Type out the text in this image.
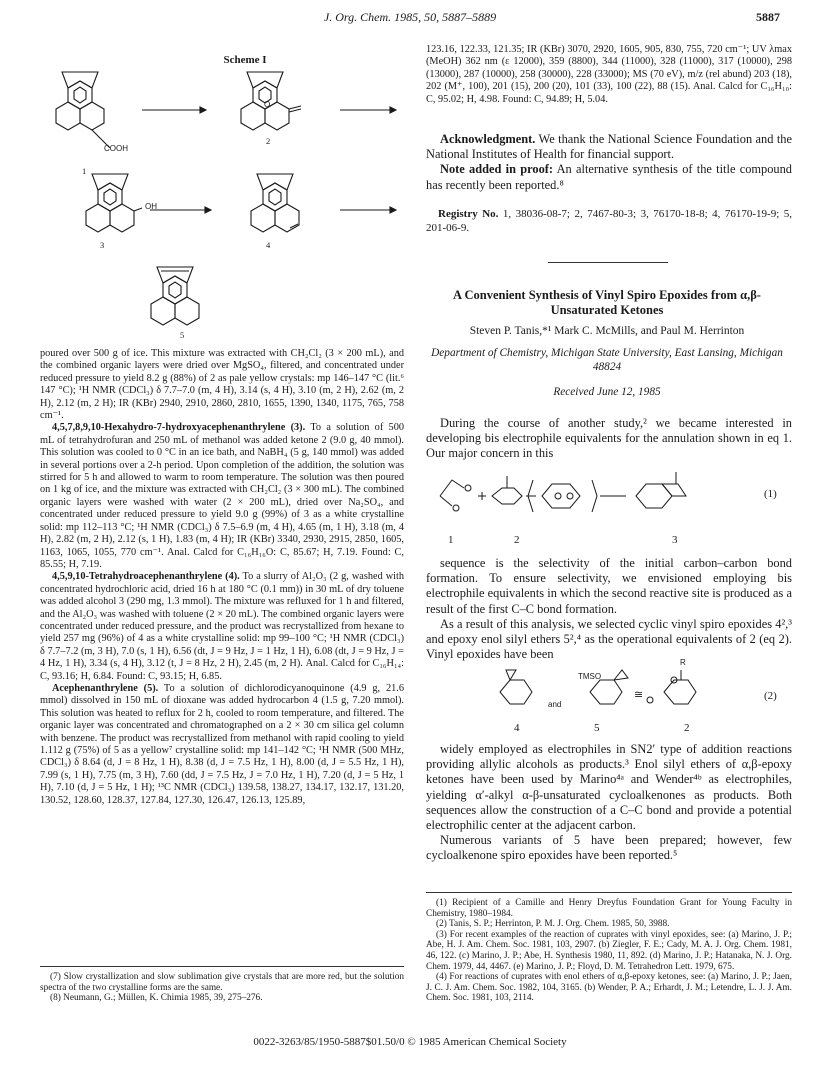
J. Org. Chem. 1985, 50, 5887–5889	5887
Scheme I
COOH
O
OH
1
2
3	4
5

poured over 500 g of ice. This mixture was extracted with CH₂Cl₂ (3 × 200 mL), and the combined organic layers were dried over MgSO₄, filtered, and concentrated under reduced pressure to yield 8.2 g (88%) of 2 as pale yellow crystals: mp 146–147 °C (lit.⁶ 147 °C); ¹H NMR (CDCl₃) δ 7.7–7.0 (m, 4 H), 3.14 (s, 4 H), 3.10 (m, 2 H), 2.62 (m, 2 H), 2.12 (m, 2 H); IR (KBr) 2940, 2910, 2860, 2810, 1655, 1390, 1340, 1175, 765, 758 cm⁻¹.

4,5,7,8,9,10-Hexahydro-7-hydroxyacephenanthrylene (3). To a solution of 500 mL of tetrahydrofuran and 250 mL of methanol was added ketone 2 (9.0 g, 40 mmol). This solution was cooled to 0 °C in an ice bath, and NaBH₄ (5 g, 140 mmol) was added in several portions over a 2-h period. Upon completion of the addition, the solution was stirred for 5 h and allowed to warm to room temperature. The solution was then poured on 1 kg of ice, and the mixture was extracted with CH₂Cl₂ (3 × 300 mL). The combined organic layers were washed with water (2 × 200 mL), dried over Na₂SO₄, and concentrated under reduced pressure to yield 9.0 g (99%) of 3 as a white crystalline solid: mp 112–113 °C; ¹H NMR (CDCl₃) δ 7.5–6.9 (m, 4 H), 4.65 (m, 1 H), 3.18 (m, 4 H), 2.82 (m, 2 H), 2.12 (s, 1 H), 1.83 (m, 4 H); IR (KBr) 3340, 2930, 2915, 2850, 1605, 1163, 1065, 1055, 770 cm⁻¹. Anal. Calcd for C₁₆H₁₆O: C, 85.67; H, 7.19. Found: C, 85.55; H, 7.19.

4,5,9,10-Tetrahydroacephenanthrylene (4). To a slurry of Al₂O₃ (2 g, washed with concentrated hydrochloric acid, dried 16 h at 180 °C (0.1 mm)) in 30 mL of dry toluene was added alcohol 3 (290 mg, 1.3 mmol). The mixture was refluxed for 1 h and filtered, and the Al₂O₃ was washed with toluene (2 × 20 mL). The combined organic layers were concentrated under reduced pressure, and the product was recrystallized from hexane to yield 257 mg (96%) of 4 as a white crystalline solid: mp 99–100 °C; ¹H NMR (CDCl₃) δ 7.7–7.2 (m, 3 H), 7.0 (s, 1 H), 6.56 (dt, J = 9 Hz, J = 1 Hz, 1 H), 6.08 (dt, J = 9 Hz, J = 4 Hz, 1 H), 3.34 (s, 4 H), 3.12 (t, J = 8 Hz, 2 H), 2.45 (m, 2 H). Anal. Calcd for C₁₆H₁₄: C, 93.16; H, 6.84. Found: C, 93.15; H, 6.85.

Acephenanthrylene (5). To a solution of dichlorodicyanoquinone (4.9 g, 21.6 mmol) dissolved in 150 mL of dioxane was added hydrocarbon 4 (1.5 g, 7.20 mmol). This solution was heated to reflux for 2 h, cooled to room temperature, and filtered. The organic layer was concentrated and chromatographed on a 2 × 30 cm silica gel column with benzene. The product was recrystallized from methanol with rapid cooling to yield 1.112 g (75%) of 5 as a yellow⁷ crystalline solid: mp 141–142 °C; ¹H NMR (500 MHz, CDCl₃) δ 8.64 (d, J = 8 Hz, 1 H), 8.38 (d, J = 7.5 Hz, 1 H), 8.00 (d, J = 5.5 Hz, 1 H), 7.99 (s, 1 H), 7.75 (m, 3 H), 7.60 (dd, J = 7.5 Hz, J = 7.0 Hz, 1 H), 7.20 (d, J = 5 Hz, 1 H), 7.10 (d, J = 5 Hz, 1 H); ¹³C NMR (CDCl₃) 139.58, 138.27, 134.17, 132.17, 131.20, 130.52, 128.60, 128.37, 127.84, 127.30, 126.47, 126.13, 125.89,

(7) Slow crystallization and slow sublimation give crystals that are more red, but the solution spectra of the two crystalline forms are the same.

(8) Neumann, G.; Müllen, K. Chimia 1985, 39, 275–276.

123.16, 122.33, 121.35; IR (KBr) 3070, 2920, 1605, 905, 830, 755, 720 cm⁻¹; UV λmax (MeOH) 362 nm (ε 12000), 359 (8800), 344 (11000), 328 (11000), 317 (10000), 298 (13000), 287 (10000), 258 (30000), 228 (33000); MS (70 eV), m/z (rel abund) 203 (18), 202 (M⁺, 100), 201 (15), 200 (20), 101 (33), 100 (22), 88 (15). Anal. Calcd for C₁₆H₁₀: C, 95.02; H, 4.98. Found: C, 94.89; H, 5.04.

Acknowledgment. We thank the National Science Foundation and the National Institutes of Health for financial support.

Note added in proof: An alternative synthesis of the title compound has recently been reported.⁸

Registry No. 1, 38036-08-7; 2, 7467-80-3; 3, 76170-18-8; 4, 76170-19-9; 5, 201-06-9.

A Convenient Synthesis of Vinyl Spiro Epoxides from α,β-Unsaturated Ketones
Steven P. Tanis,*¹ Mark C. McMills, and Paul M. Herrinton
Department of Chemistry, Michigan State University, East Lansing, Michigan 48824
Received June 12, 1985

During the course of another study,² we became interested in developing bis electrophile equivalents for the annulation shown in eq 1. Our major concern in this

(1)
1	2	3

sequence is the selectivity of the initial carbon–carbon bond formation. To ensure selectivity, we envisioned employing bis electrophile equivalents in which the second reactive site is produced as a result of the first C–C bond formation.

As a result of this analysis, we selected cyclic vinyl spiro epoxides 4²,³ and epoxy enol silyl ethers 5²,⁴ as the operational equivalents of 2 (eq 2). Vinyl epoxides have been

TMSO
and
≅
R
(2)
4	5	2

widely employed as electrophiles in SN2′ type of addition reactions providing allylic alcohols as products.³ Enol silyl ethers of α,β-epoxy ketones have been used by Marino⁴ᵃ and Wender⁴ᵇ as electrophiles, yielding α′-alkyl α-β-unsaturated cycloalkenones as products. Both sequences allow the construction of a C–C bond and provide a potential electrophilic center at the adjacent carbon.

Numerous variants of 5 have been prepared; however, few cycloalkenone spiro epoxides have been reported.⁵

(1) Recipient of a Camille and Henry Dreyfus Foundation Grant for Young Faculty in Chemistry, 1980–1984.

(2) Tanis, S. P.; Herrinton, P. M. J. Org. Chem. 1985, 50, 3988.

(3) For recent examples of the reaction of cuprates with vinyl epoxides, see: (a) Marino, J. P.; Abe, H. J. Am. Chem. Soc. 1981, 103, 2907. (b) Ziegler, F. E.; Cady, M. A. J. Org. Chem. 1981, 46, 122. (c) Marino, J. P.; Abe, H. Synthesis 1980, 11, 892. (d) Marino, J. P.; Hatanaka, N. J. Org. Chem. 1979, 44, 4467. (e) Marino, J. P.; Floyd, D. M. Tetrahedron Lett. 1979, 675.

(4) For reactions of cuprates with enol ethers of α,β-epoxy ketones, see: (a) Marino, J. P.; Jaen, J. C. J. Am. Chem. Soc. 1982, 104, 3165. (b) Wender, P. A.; Erhardt, J. M.; Letendre, L. J. J. Am. Chem. Soc. 1981, 103, 2114.

0022-3263/85/1950-5887$01.50/0 © 1985 American Chemical Society
